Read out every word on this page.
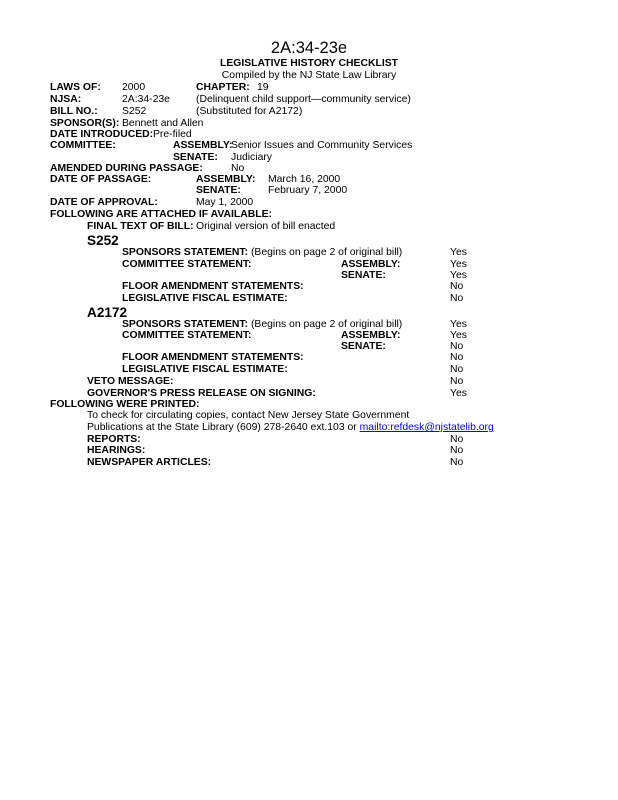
2A:34-23e
LEGISLATIVE HISTORY CHECKLIST
Compiled by the NJ State Law Library
LAWS OF: 2000	CHAPTER: 19
NJSA:	2A:34-23e	(Delinquent child support—community service)
BILL NO.: S252	(Substituted for A2172)
SPONSOR(S): Bennett and Allen
DATE INTRODUCED: Pre-filed
COMMITTEE:	ASSEMBLY:
Senior Issues and Community Services
SENATE: Judiciary
AMENDED DURING PASSAGE:	No
DATE OF PASSAGE:	ASSEMBLY: March 16, 2000
SENATE:	February 7, 2000
DATE OF APPROVAL:	May 1, 2000
FOLLOWING ARE ATTACHED IF AVAILABLE:
FINAL TEXT OF BILL: Original version of bill enacted
S252
SPONSORS STATEMENT: (Begins on page 2 of original bill)	Yes
COMMITTEE STATEMENT:	ASSEMBLY:	Yes
SENATE:	Yes
FLOOR AMENDMENT STATEMENTS:	No
LEGISLATIVE FISCAL ESTIMATE:	No
A2172
SPONSORS STATEMENT: (Begins on page 2 of original bill)	Yes
COMMITTEE STATEMENT:	ASSEMBLY:	Yes
SENATE:	No
FLOOR AMENDMENT STATEMENTS:	No
LEGISLATIVE FISCAL ESTIMATE:	No
VETO MESSAGE:	No
GOVERNOR'S PRESS RELEASE ON SIGNING:	Yes
FOLLOWING WERE PRINTED:
To check for circulating copies, contact New Jersey State Government
Publications at the State Library (609) 278-2640 ext.103 or mailto:refdesk@njstatelib.org
REPORTS:	No
HEARINGS:	No
NEWSPAPER ARTICLES:	No
